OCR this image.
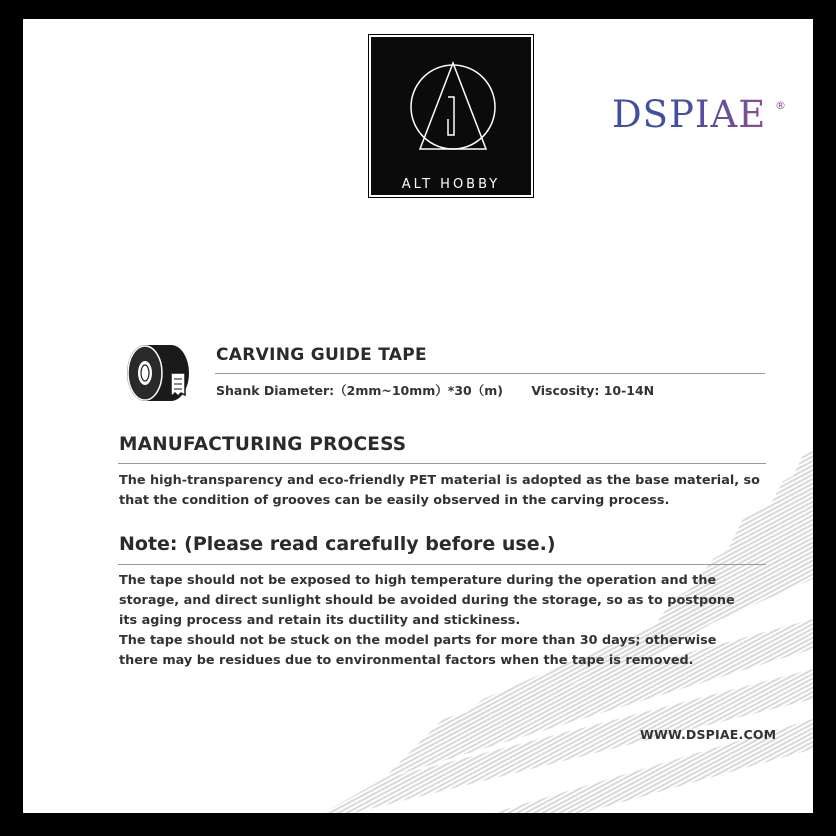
ALT HOBBY
DSPIAE ®
CARVING GUIDE TAPE
Shank Diameter:（2mm~10mm）*30（m) Viscosity: 10-14N
MANUFACTURING PROCESS
The high-transparency and eco-friendly PET material is adopted as the base material, so that the condition of grooves can be easily observed in the carving process.
Note: (Please read carefully before use.)

The tape should not be exposed to high temperature during the operation and the storage, and direct sunlight should be avoided during the storage, so as to postpone its aging process and retain its ductility and stickiness.

The tape should not be stuck on the model parts for more than 30 days; otherwise there may be residues due to environmental factors when the tape is removed.

WWW.DSPIAE.COM
